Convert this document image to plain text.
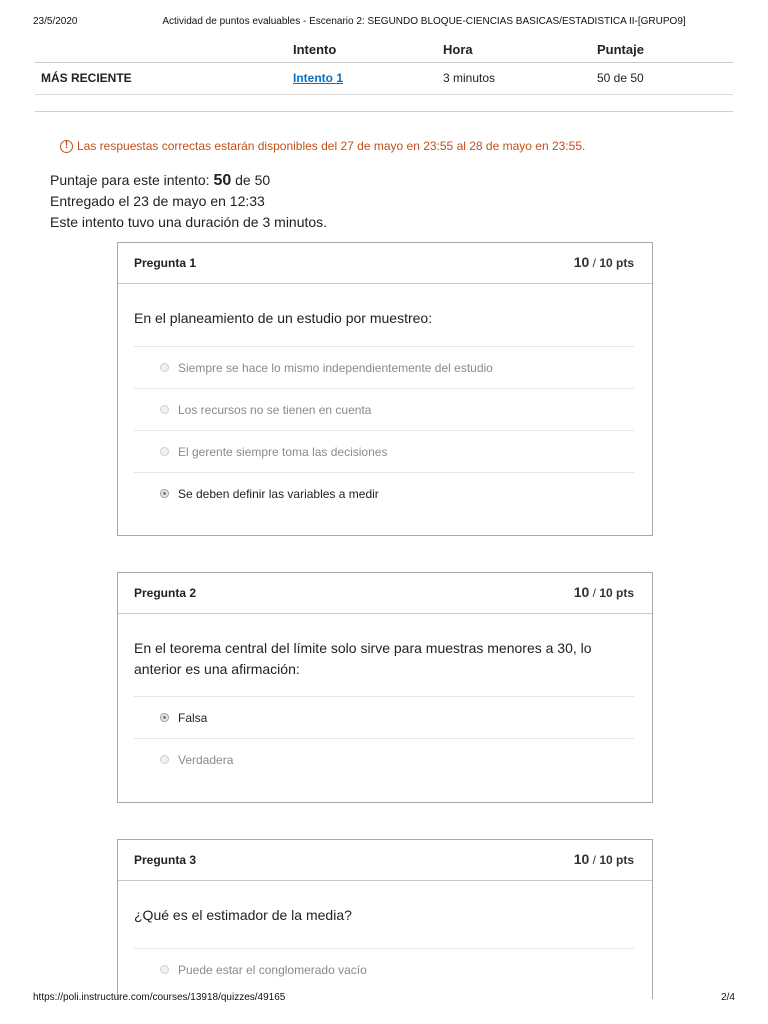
23/5/2020	Actividad de puntos evaluables - Escenario 2: SEGUNDO BLOQUE-CIENCIAS BASICAS/ESTADISTICA II-[GRUPO9]
	Intento	Hora	Puntaje
MÁS RECIENTE	Intento 1	3 minutos	50 de 50
! Las respuestas correctas estarán disponibles del 27 de mayo en 23:55 al 28 de mayo en 23:55.
Puntaje para este intento: 50 de 50
Entregado el 23 de mayo en 12:33
Este intento tuvo una duración de 3 minutos.
Pregunta 1	10 / 10 pts
En el planeamiento de un estudio por muestreo:
Siempre se hace lo mismo independientemente del estudio
Los recursos no se tienen en cuenta
El gerente siempre toma las decisiones
Se deben definir las variables a medir
Pregunta 2	10 / 10 pts
En el teorema central del límite solo sirve para muestras menores a 30, lo anterior es una afirmación:
Falsa
Verdadera
Pregunta 3	10 / 10 pts
¿Qué es el estimador de la media?
Puede estar el conglomerado vacío
https://poli.instructure.com/courses/13918/quizzes/49165	2/4
